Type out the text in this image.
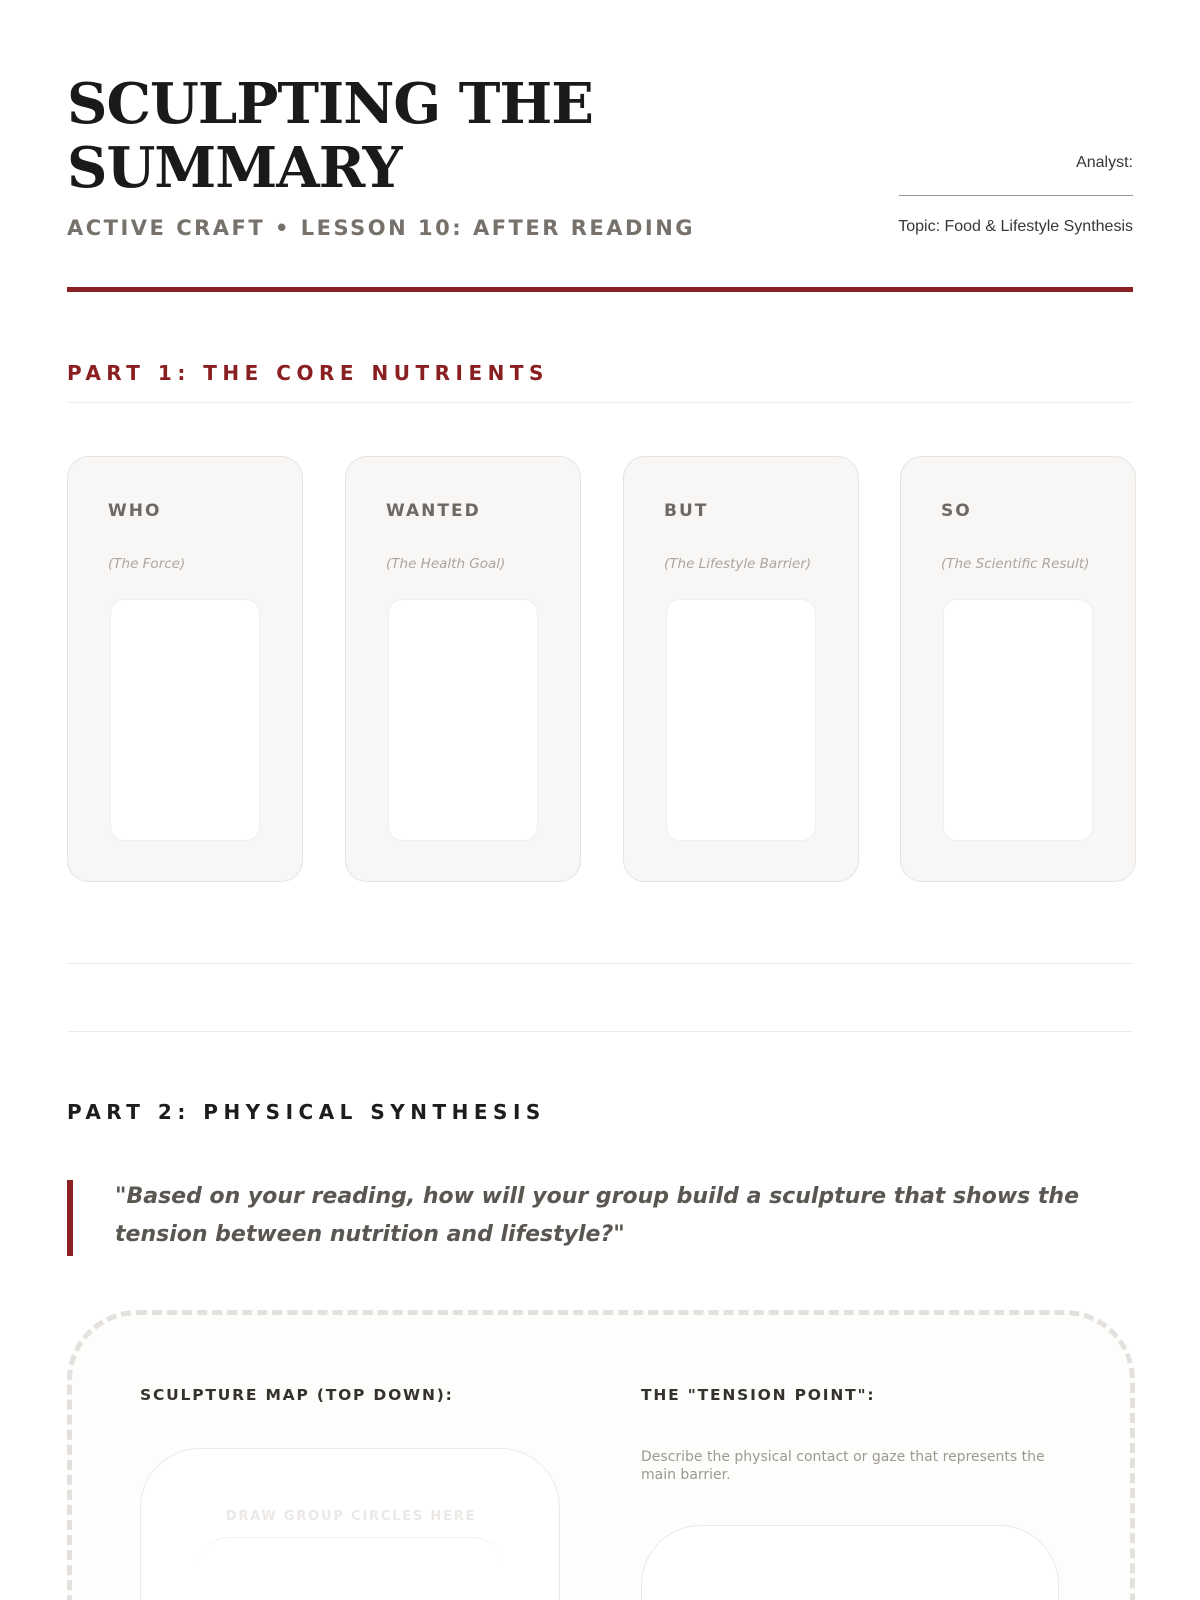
SCULPTING THE
SUMMARY
ACTIVE CRAFT • LESSON 10: AFTER READING
Analyst:
Topic: Food & Lifestyle Synthesis
PART 1: THE CORE NUTRIENTS
WHO
(The Force)
WANTED
(The Health Goal)
BUT
(The Lifestyle Barrier)
SO
(The Scientific Result)
PART 2: PHYSICAL SYNTHESIS
"Based on your reading, how will your group build a sculpture that shows the tension between nutrition and lifestyle?"
SCULPTURE MAP (TOP DOWN):	THE "TENSION POINT":
Describe the physical contact or gaze that represents the main barrier.
DRAW GROUP CIRCLES HERE
